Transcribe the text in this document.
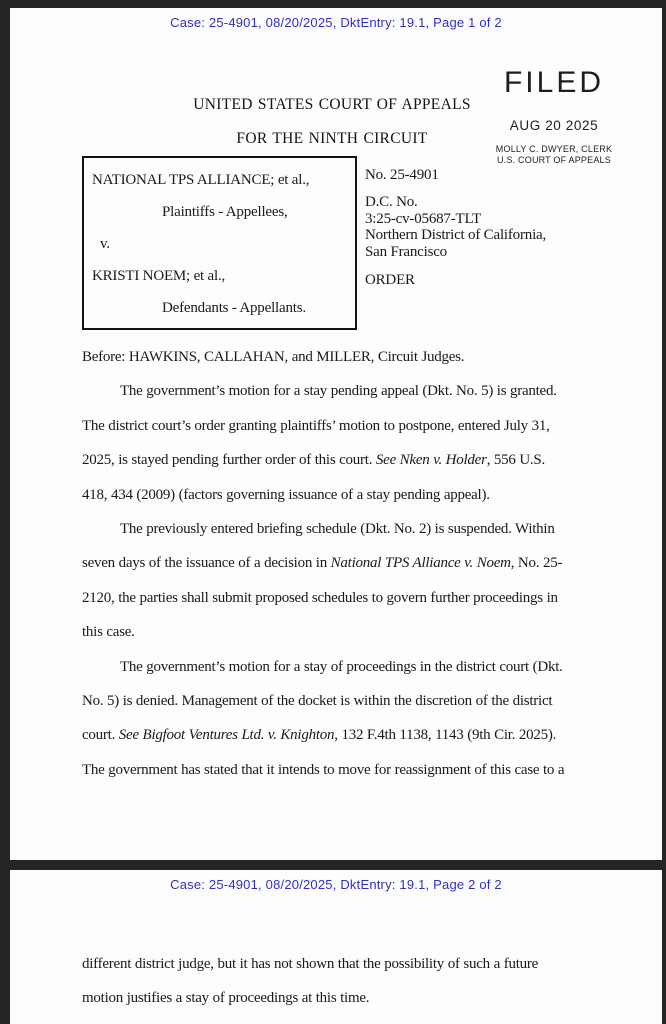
Case: 25-4901, 08/20/2025, DktEntry: 19.1, Page 1 of 2
UNITED STATES COURT OF APPEALS
FOR THE NINTH CIRCUIT
FILED
AUG 20 2025
MOLLY C. DWYER, CLERK
U.S. COURT OF APPEALS
NATIONAL TPS ALLIANCE; et al.,
Plaintiffs - Appellees,
v.
KRISTI NOEM; et al.,
Defendants - Appellants.
No. 25-4901
D.C. No.
3:25-cv-05687-TLT
Northern District of California,
San Francisco
ORDER
Before: HAWKINS, CALLAHAN, and MILLER, Circuit Judges.
The government’s motion for a stay pending appeal (Dkt. No. 5) is granted.
The district court’s order granting plaintiffs’ motion to postpone, entered July 31,
2025, is stayed pending further order of this court. See Nken v. Holder, 556 U.S.
418, 434 (2009) (factors governing issuance of a stay pending appeal).
The previously entered briefing schedule (Dkt. No. 2) is suspended. Within
seven days of the issuance of a decision in National TPS Alliance v. Noem, No. 25-
2120, the parties shall submit proposed schedules to govern further proceedings in
this case.
The government’s motion for a stay of proceedings in the district court (Dkt.
No. 5) is denied. Management of the docket is within the discretion of the district
court. See Bigfoot Ventures Ltd. v. Knighton, 132 F.4th 1138, 1143 (9th Cir. 2025).
The government has stated that it intends to move for reassignment of this case to a
Case: 25-4901, 08/20/2025, DktEntry: 19.1, Page 2 of 2
different district judge, but it has not shown that the possibility of such a future
motion justifies a stay of proceedings at this time.
